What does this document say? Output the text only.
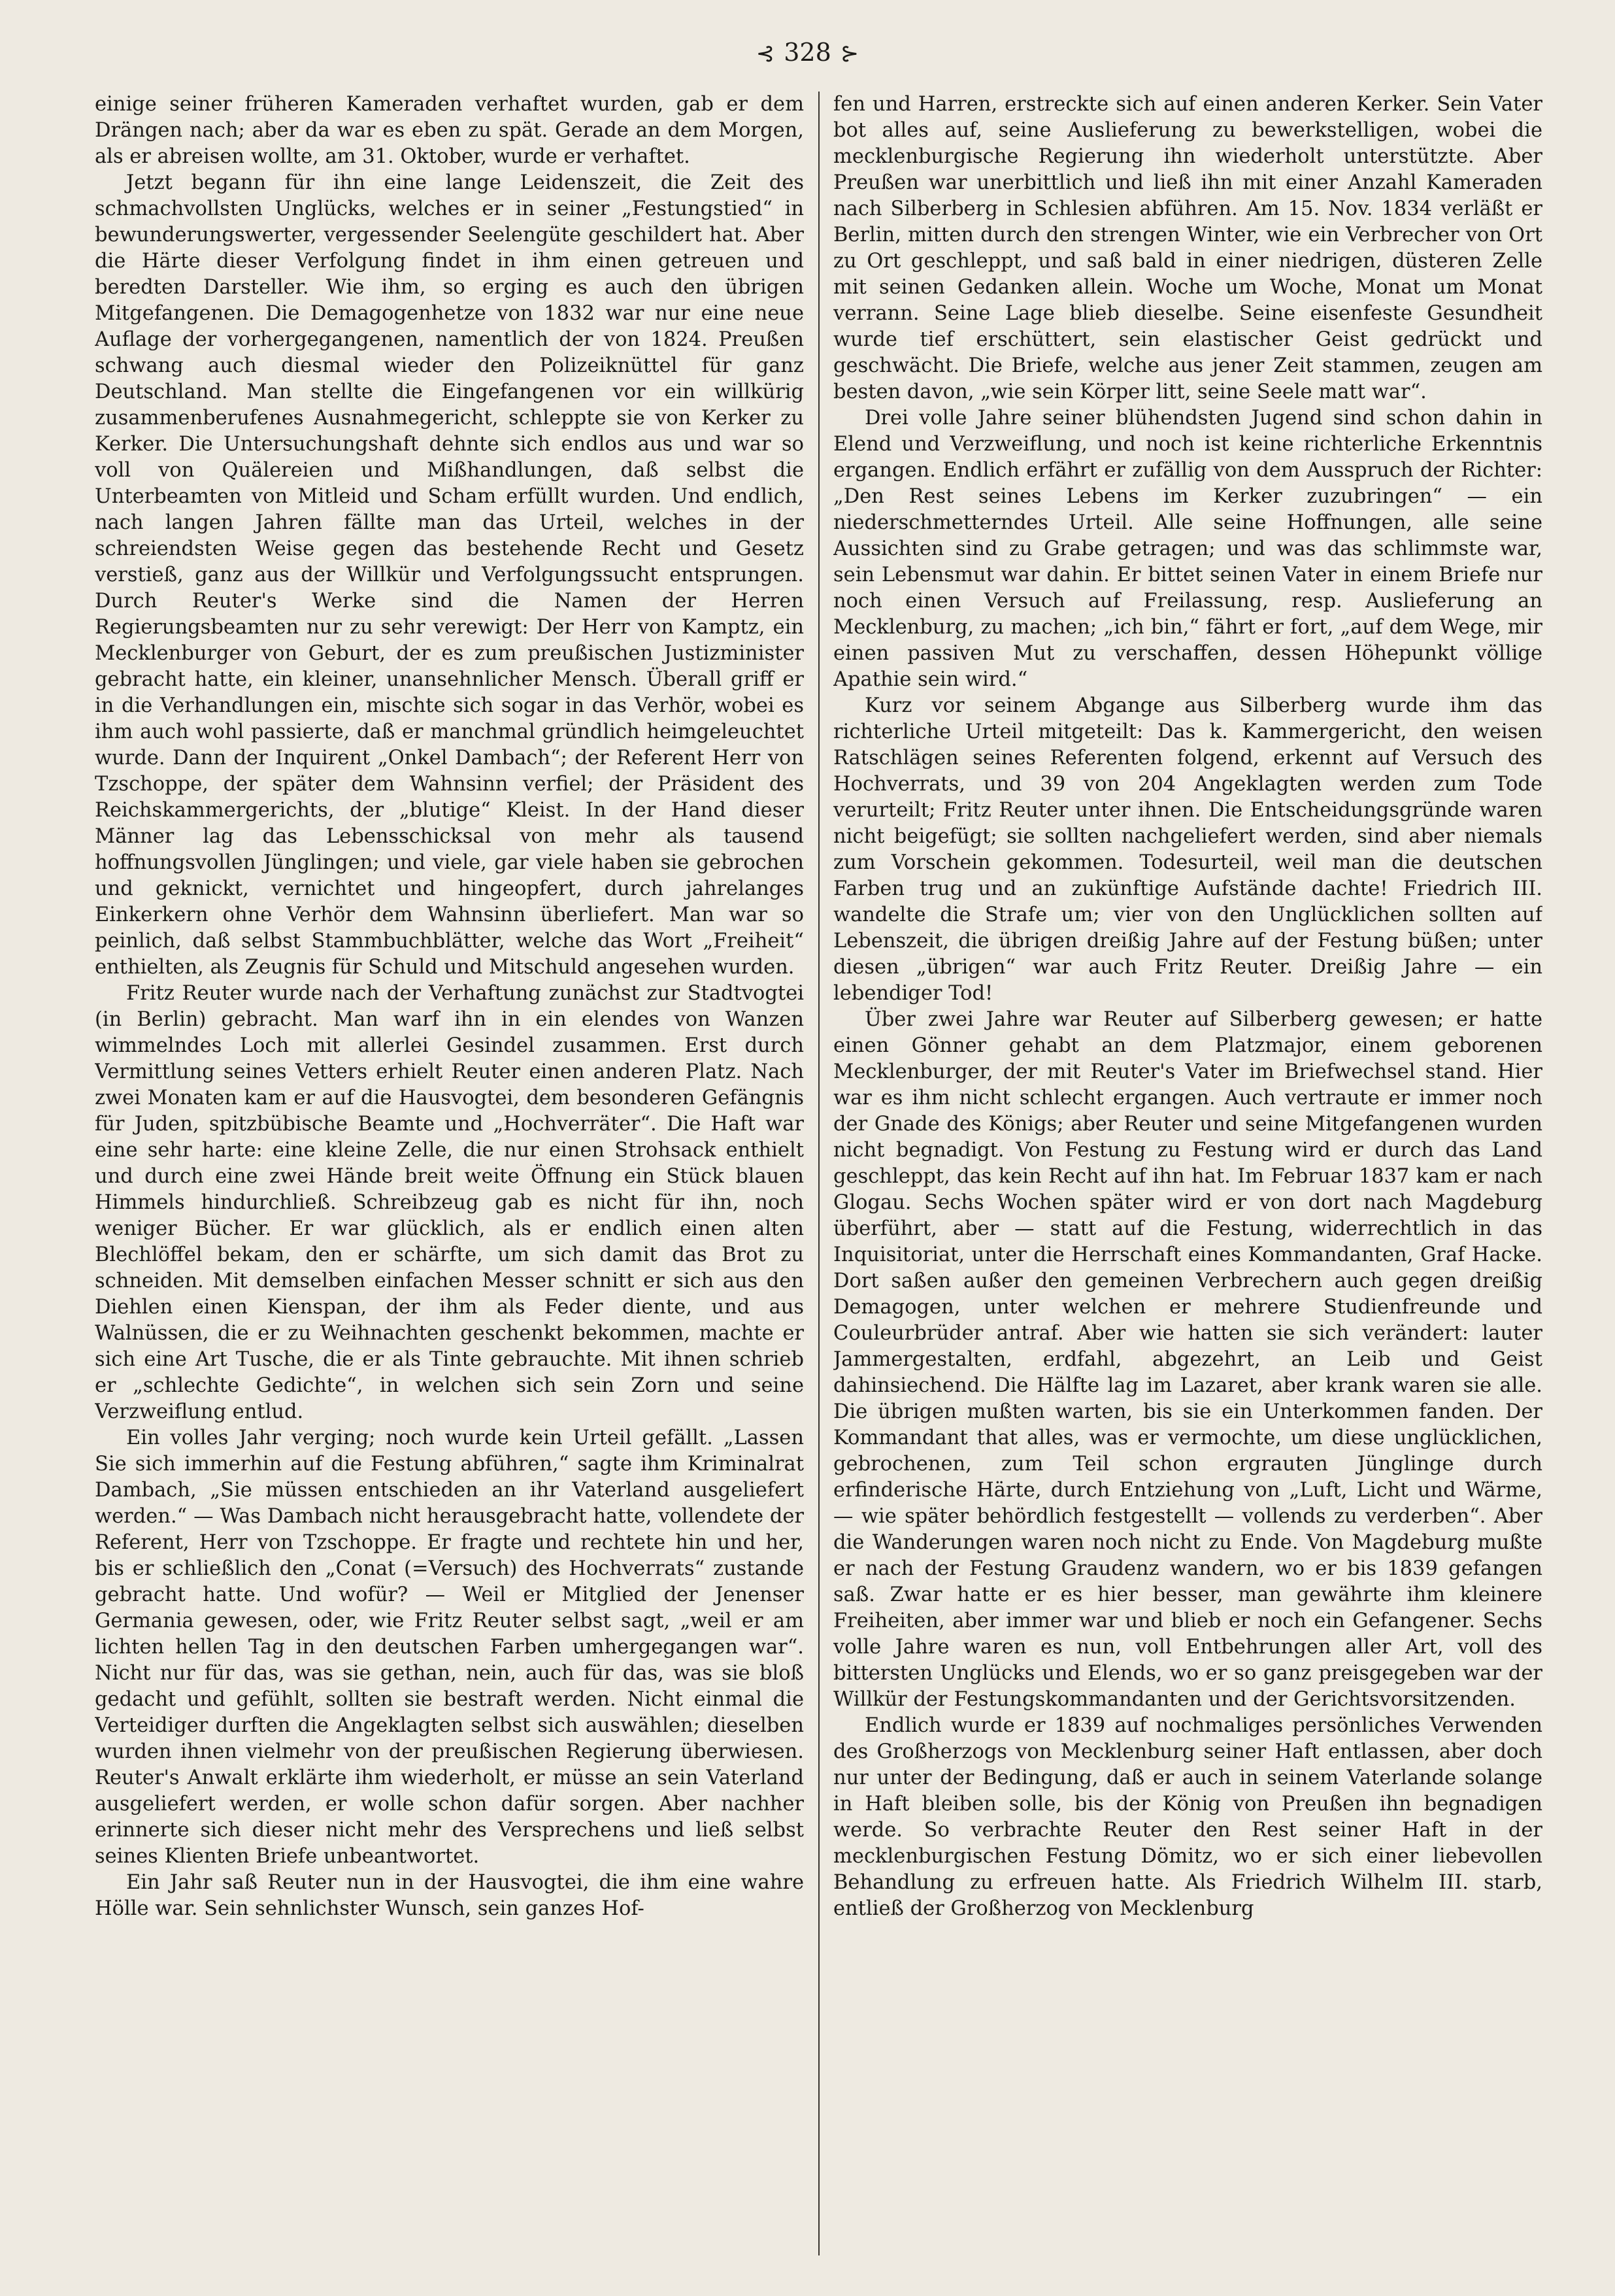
⊰ 328 ⊱

einige seiner früheren Kameraden verhaftet wurden, gab er dem Drängen nach; aber da war es eben zu spät. Gerade an dem Morgen, als er abreisen wollte, am 31. Oktober, wurde er verhaftet.

Jetzt begann für ihn eine lange Leidenszeit, die Zeit des schmachvollsten Unglücks, welches er in seiner „Festungstied“ in bewunderungswerter, vergessender Seelengüte geschildert hat. Aber die Härte dieser Verfolgung findet in ihm einen getreuen und beredten Darsteller. Wie ihm, so erging es auch den übrigen Mitgefangenen. Die Demagogenhetze von 1832 war nur eine neue Auflage der vorhergegangenen, namentlich der von 1824. Preußen schwang auch diesmal wieder den Polizeiknüttel für ganz Deutschland. Man stellte die Eingefangenen vor ein willkürig zusammenberufenes Ausnahmegericht, schleppte sie von Kerker zu Kerker. Die Untersuchungshaft dehnte sich endlos aus und war so voll von Quälereien und Mißhandlungen, daß selbst die Unterbeamten von Mitleid und Scham erfüllt wurden. Und endlich, nach langen Jahren fällte man das Urteil, welches in der schreiendsten Weise gegen das bestehende Recht und Gesetz verstieß, ganz aus der Willkür und Verfolgungssucht entsprungen. Durch Reuter's Werke sind die Namen der Herren Regierungsbeamten nur zu sehr verewigt: Der Herr von Kamptz, ein Mecklenburger von Geburt, der es zum preußischen Justizminister gebracht hatte, ein kleiner, unansehnlicher Mensch. Überall griff er in die Verhandlungen ein, mischte sich sogar in das Verhör, wobei es ihm auch wohl passierte, daß er manchmal gründlich heimgeleuchtet wurde. Dann der Inquirent „Onkel Dambach“; der Referent Herr von Tzschoppe, der später dem Wahnsinn verfiel; der Präsident des Reichskammergerichts, der „blutige“ Kleist. In der Hand dieser Männer lag das Lebensschicksal von mehr als tausend hoffnungsvollen Jünglingen; und viele, gar viele haben sie gebrochen und geknickt, vernichtet und hingeopfert, durch jahrelanges Einkerkern ohne Verhör dem Wahnsinn überliefert. Man war so peinlich, daß selbst Stammbuchblätter, welche das Wort „Freiheit“ enthielten, als Zeugnis für Schuld und Mitschuld angesehen wurden.

Fritz Reuter wurde nach der Verhaftung zunächst zur Stadtvogtei (in Berlin) gebracht. Man warf ihn in ein elendes von Wanzen wimmelndes Loch mit allerlei Gesindel zusammen. Erst durch Vermittlung seines Vetters erhielt Reuter einen anderen Platz. Nach zwei Monaten kam er auf die Hausvogtei, dem besonderen Gefängnis für Juden, spitzbübische Beamte und „Hochverräter“. Die Haft war eine sehr harte: eine kleine Zelle, die nur einen Strohsack enthielt und durch eine zwei Hände breit weite Öffnung ein Stück blauen Himmels hindurchließ. Schreibzeug gab es nicht für ihn, noch weniger Bücher. Er war glücklich, als er endlich einen alten Blechlöffel bekam, den er schärfte, um sich damit das Brot zu schneiden. Mit demselben einfachen Messer schnitt er sich aus den Diehlen einen Kienspan, der ihm als Feder diente, und aus Walnüssen, die er zu Weihnachten geschenkt bekommen, machte er sich eine Art Tusche, die er als Tinte gebrauchte. Mit ihnen schrieb er „schlechte Gedichte“, in welchen sich sein Zorn und seine Verzweiflung entlud.

Ein volles Jahr verging; noch wurde kein Urteil gefällt. „Lassen Sie sich immerhin auf die Festung abführen,“ sagte ihm Kriminalrat Dambach, „Sie müssen entschieden an ihr Vaterland ausgeliefert werden.“ — Was Dambach nicht herausgebracht hatte, vollendete der Referent, Herr von Tzschoppe. Er fragte und rechtete hin und her, bis er schließlich den „Conat (=Versuch) des Hochverrats“ zustande gebracht hatte. Und wofür? — Weil er Mitglied der Jenenser Germania gewesen, oder, wie Fritz Reuter selbst sagt, „weil er am lichten hellen Tag in den deutschen Farben umhergegangen war“. Nicht nur für das, was sie gethan, nein, auch für das, was sie bloß gedacht und gefühlt, sollten sie bestraft werden. Nicht einmal die Verteidiger durften die Angeklagten selbst sich auswählen; dieselben wurden ihnen vielmehr von der preußischen Regierung überwiesen. Reuter's Anwalt erklärte ihm wiederholt, er müsse an sein Vaterland ausgeliefert werden, er wolle schon dafür sorgen. Aber nachher erinnerte sich dieser nicht mehr des Versprechens und ließ selbst seines Klienten Briefe unbeantwortet.

Ein Jahr saß Reuter nun in der Hausvogtei, die ihm eine wahre Hölle war. Sein sehnlichster Wunsch, sein ganzes Hof-

fen und Harren, erstreckte sich auf einen anderen Kerker. Sein Vater bot alles auf, seine Auslieferung zu bewerkstelligen, wobei die mecklenburgische Regierung ihn wiederholt unterstützte. Aber Preußen war unerbittlich und ließ ihn mit einer Anzahl Kameraden nach Silberberg in Schlesien abführen. Am 15. Nov. 1834 verläßt er Berlin, mitten durch den strengen Winter, wie ein Verbrecher von Ort zu Ort geschleppt, und saß bald in einer niedrigen, düsteren Zelle mit seinen Gedanken allein. Woche um Woche, Monat um Monat verrann. Seine Lage blieb dieselbe. Seine eisenfeste Gesundheit wurde tief erschüttert, sein elastischer Geist gedrückt und geschwächt. Die Briefe, welche aus jener Zeit stammen, zeugen am besten davon, „wie sein Körper litt, seine Seele matt war“.

Drei volle Jahre seiner blühendsten Jugend sind schon dahin in Elend und Verzweiflung, und noch ist keine richterliche Erkenntnis ergangen. Endlich erfährt er zufällig von dem Ausspruch der Richter: „Den Rest seines Lebens im Kerker zuzubringen“ — ein niederschmetterndes Urteil. Alle seine Hoffnungen, alle seine Aussichten sind zu Grabe getragen; und was das schlimmste war, sein Lebensmut war dahin. Er bittet seinen Vater in einem Briefe nur noch einen Versuch auf Freilassung, resp. Auslieferung an Mecklenburg, zu machen; „ich bin,“ fährt er fort, „auf dem Wege, mir einen passiven Mut zu verschaffen, dessen Höhepunkt völlige Apathie sein wird.“

Kurz vor seinem Abgange aus Silberberg wurde ihm das richterliche Urteil mitgeteilt: Das k. Kammergericht, den weisen Ratschlägen seines Referenten folgend, erkennt auf Versuch des Hochverrats, und 39 von 204 Angeklagten werden zum Tode verurteilt; Fritz Reuter unter ihnen. Die Entscheidungsgründe waren nicht beigefügt; sie sollten nachgeliefert werden, sind aber niemals zum Vorschein gekommen. Todesurteil, weil man die deutschen Farben trug und an zukünftige Aufstände dachte! Friedrich III. wandelte die Strafe um; vier von den Unglücklichen sollten auf Lebenszeit, die übrigen dreißig Jahre auf der Festung büßen; unter diesen „übrigen“ war auch Fritz Reuter. Dreißig Jahre — ein lebendiger Tod!

Über zwei Jahre war Reuter auf Silberberg gewesen; er hatte einen Gönner gehabt an dem Platzmajor, einem geborenen Mecklenburger, der mit Reuter's Vater im Briefwechsel stand. Hier war es ihm nicht schlecht ergangen. Auch vertraute er immer noch der Gnade des Königs; aber Reuter und seine Mitgefangenen wurden nicht begnadigt. Von Festung zu Festung wird er durch das Land geschleppt, das kein Recht auf ihn hat. Im Februar 1837 kam er nach Glogau. Sechs Wochen später wird er von dort nach Magdeburg überführt, aber — statt auf die Festung, widerrechtlich in das Inquisitoriat, unter die Herrschaft eines Kommandanten, Graf Hacke. Dort saßen außer den gemeinen Verbrechern auch gegen dreißig Demagogen, unter welchen er mehrere Studienfreunde und Couleurbrüder antraf. Aber wie hatten sie sich verändert: lauter Jammergestalten, erdfahl, abgezehrt, an Leib und Geist dahinsiechend. Die Hälfte lag im Lazaret, aber krank waren sie alle. Die übrigen mußten warten, bis sie ein Unterkommen fanden. Der Kommandant that alles, was er vermochte, um diese unglücklichen, gebrochenen, zum Teil schon ergrauten Jünglinge durch erfinderische Härte, durch Entziehung von „Luft, Licht und Wärme, — wie später behördlich festgestellt — vollends zu verderben“. Aber die Wanderungen waren noch nicht zu Ende. Von Magdeburg mußte er nach der Festung Graudenz wandern, wo er bis 1839 gefangen saß. Zwar hatte er es hier besser, man gewährte ihm kleinere Freiheiten, aber immer war und blieb er noch ein Gefangener. Sechs volle Jahre waren es nun, voll Entbehrungen aller Art, voll des bittersten Unglücks und Elends, wo er so ganz preisgegeben war der Willkür der Festungskommandanten und der Gerichtsvorsitzenden.

Endlich wurde er 1839 auf nochmaliges persönliches Verwenden des Großherzogs von Mecklenburg seiner Haft entlassen, aber doch nur unter der Bedingung, daß er auch in seinem Vaterlande solange in Haft bleiben solle, bis der König von Preußen ihn begnadigen werde. So verbrachte Reuter den Rest seiner Haft in der mecklenburgischen Festung Dömitz, wo er sich einer liebevollen Behandlung zu erfreuen hatte. Als Friedrich Wilhelm III. starb, entließ der Großherzog von Mecklenburg
